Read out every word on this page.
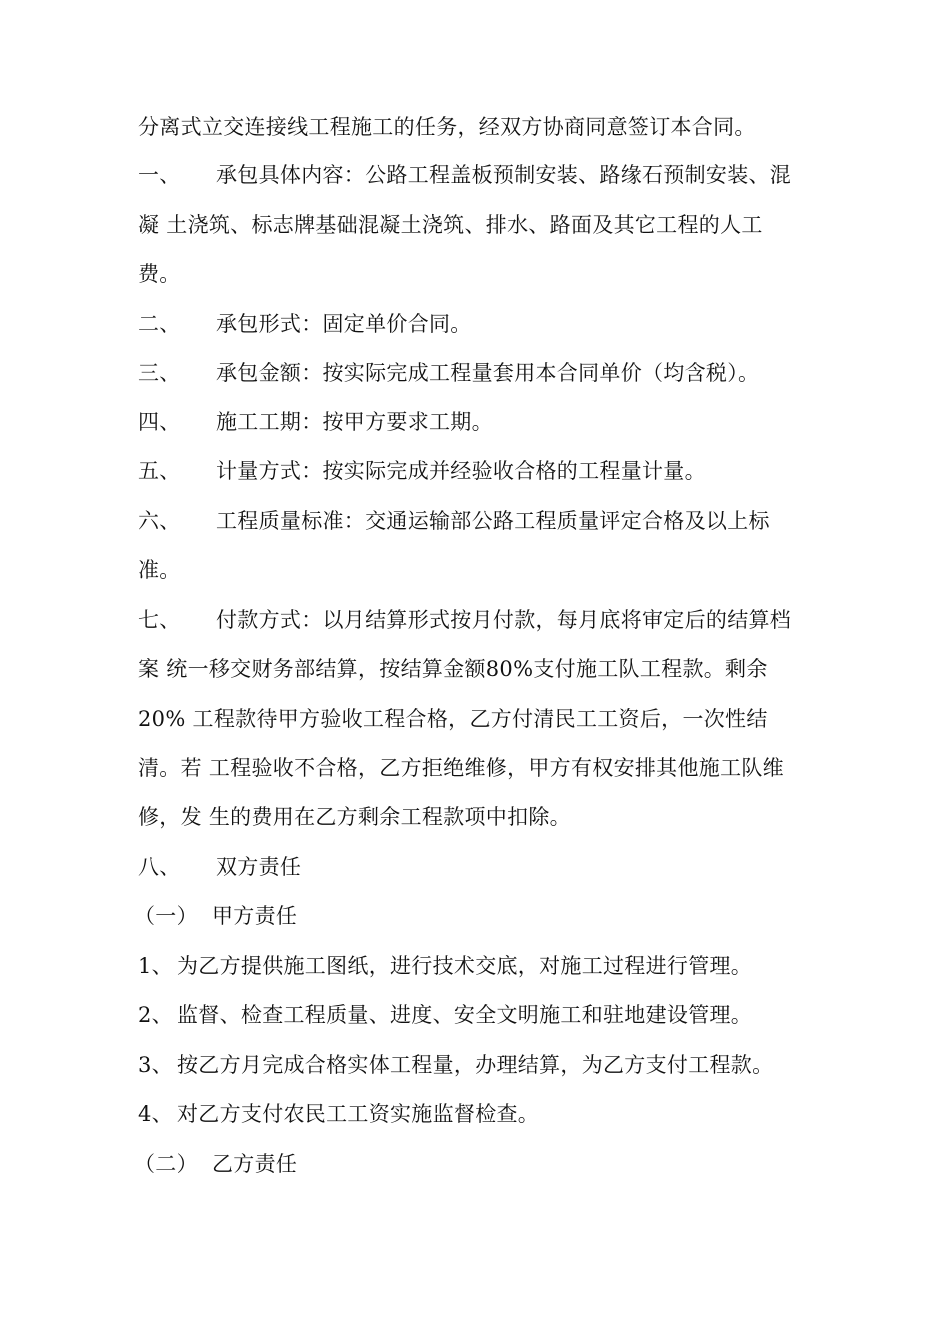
分离式立交连接线工程施工的任务，经双方协商同意签订本合同。
一、 承包具体内容：公路工程盖板预制安装、路缘石预制安装、混
凝 土浇筑、标志牌基础混凝土浇筑、排水、路面及其它工程的人工
费。
二、 承包形式：固定单价合同。
三、 承包金额：按实际完成工程量套用本合同单价（均含税）。
四、 施工工期：按甲方要求工期。
五、 计量方式：按实际完成并经验收合格的工程量计量。
六、 工程质量标准：交通运输部公路工程质量评定合格及以上标
准。
七、 付款方式：以月结算形式按月付款，每月底将审定后的结算档
案 统一移交财务部结算，按结算金额80%支付施工队工程款。剩余
20% 工程款待甲方验收工程合格，乙方付清民工工资后，一次性结
清。若 工程验收不合格，乙方拒绝维修，甲方有权安排其他施工队维
修，发 生的费用在乙方剩余工程款项中扣除。
八、 双方责任
（一） 甲方责任
1、 为乙方提供施工图纸，进行技术交底，对施工过程进行管理。
2、 监督、检查工程质量、进度、安全文明施工和驻地建设管理。
3、 按乙方月完成合格实体工程量，办理结算，为乙方支付工程款。
4、 对乙方支付农民工工资实施监督检查。
（二） 乙方责任
